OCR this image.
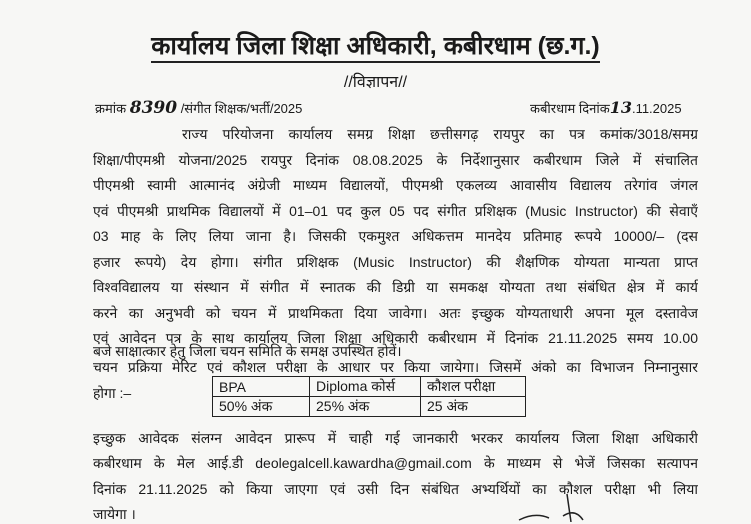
कार्यालय जिला शिक्षा अधिकारी, कबीरधाम (छ.ग.)
//विज्ञापन//
क्रमांक 8390 /संगीत शिक्षक/भर्ती/2025	कबीरधाम दिनांक13.11.2025
राज्य परियोजना कार्यालय समग्र शिक्षा छत्तीसगढ़ रायपुर का पत्र कमांक/3018/समग्र
शिक्षा/पीएमश्री योजना/2025 रायपुर दिनांक 08.08.2025 के निर्देशानुसार कबीरधाम जिले में संचालित
पीएमश्री स्वामी आत्मानंद अंग्रेजी माध्यम विद्यालयों, पीएमश्री एकलव्य आवासीय विद्यालय तरेगांव जंगल
एवं पीएमश्री प्राथमिक विद्यालयों में 01–01 पद कुल 05 पद संगीत प्रशिक्षक (Music Instructor) की सेवाएँ
03 माह के लिए लिया जाना है। जिसकी एकमुश्त अधिकत्तम मानदेय प्रतिमाह रूपये 10000/– (दस
हजार रूपये) देय होगा। संगीत प्रशिक्षक (Music Instructor) की शैक्षणिक योग्यता मान्यता प्राप्त
विश्वविद्यालय या संस्थान में संगीत में स्नातक की डिग्री या समकक्ष योग्यता तथा संबंधित क्षेत्र में कार्य
करने का अनुभवी को चयन में प्राथमिकता दिया जावेगा। अतः इच्छुक योग्यताधारी अपना मूल दस्तावेज
एवं आवेदन पत्र के साथ कार्यालय जिला शिक्षा अधिकारी कबीरधाम में दिनांक 21.11.2025 समय 10.00
बजे साक्षात्कार हेतु जिला चयन समिति के समक्ष उपस्थित होवें।
चयन प्रक्रिया मेरिट एवं कौशल परीक्षा के आधार पर किया जायेगा। जिसमें अंको का विभाजन निम्नानुसार
होगा :–	BPA	Diploma कोर्स	कौशल परीक्षा
50% अंक	25% अंक	25 अंक
इच्छुक आवेदक संलग्न आवेदन प्रारूप में चाही गई जानकारी भरकर कार्यालय जिला शिक्षा अधिकारी
कबीरधाम के मेल आई.डी deolegalcell.kawardha@gmail.com के माध्यम से भेजें जिसका सत्यापन
दिनांक 21.11.2025 को किया जाएगा एवं उसी दिन संबंधित अभ्यर्थियों का कौशल परीक्षा भी लिया
जायेगा ।
